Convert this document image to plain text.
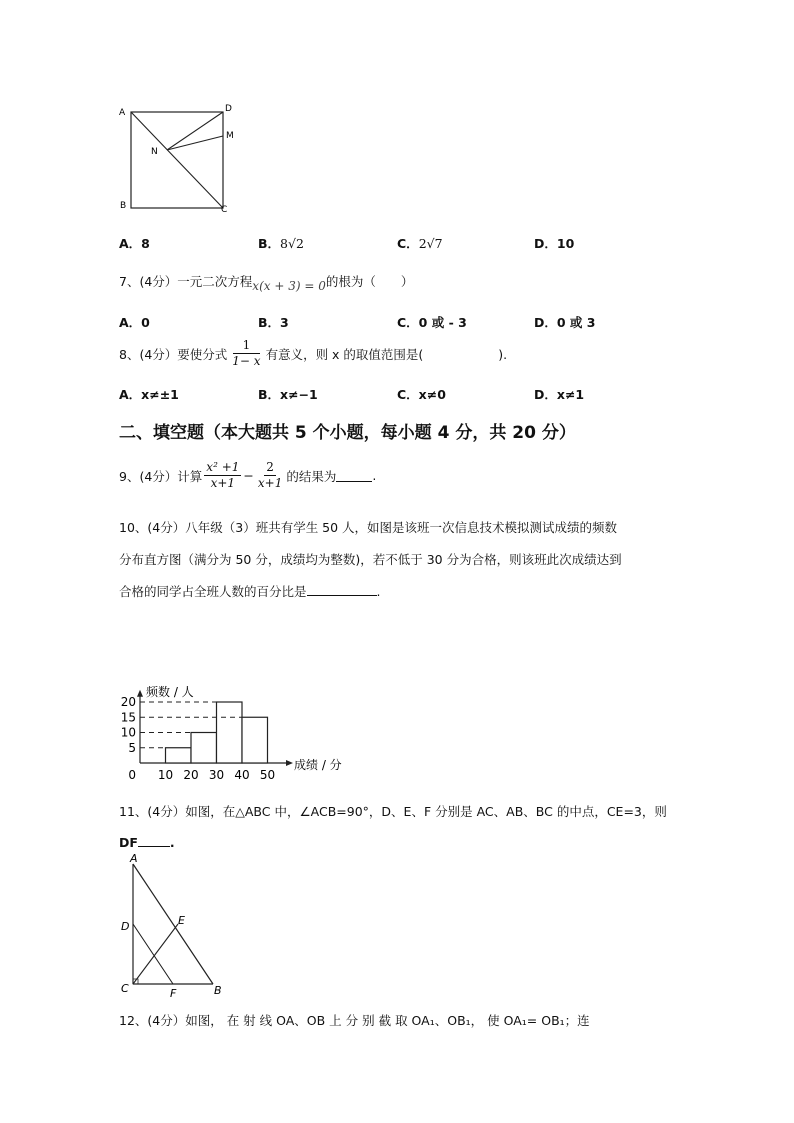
A
B	C
D
M
N
A．8	B．8√2	C．2√7	D．10
7、(4分）一元二次方程x(x + 3) = 0的根为（　　）
A．0	B．3	C．0 或 - 3	D．0 或 3
8、(4分）要使分式 $\frac{1}{1- x}$ 有意义，则 x 的取值范围是(　　　　　　).
A．x≠±1	B．x≠−1	C．x≠0	D．x≠1
二、填空题（本大题共 5 个小题，每小题 4 分，共 20 分）
9、(4分）计算 $\frac{\text{x² +1}}{x+1} - \frac{2}{x+1}$ 的结果为	.
10、(4分）八年级（3）班共有学生 50 人，如图是该班一次信息技术模拟测试成绩的频数
分布直方图（满分为 50 分，成绩均为整数)，若不低于 30 分为合格，则该班此次成绩达到
合格的同学占全班人数的百分比是	.
频数 / 人
成绩 / 分
5
10
15
20
0 10 20 30 40 50
11、(4分）如图，在△ABC 中，∠ACB=90°，D、E、F 分别是 AC、AB、BC 的中点，CE=3，则
DF	.
A
B
C
D	E
F
12、(4分）如图， 在 射 线 OA、OB 上 分 别 截 取 OA₁、OB₁， 使 OA₁= OB₁；连
